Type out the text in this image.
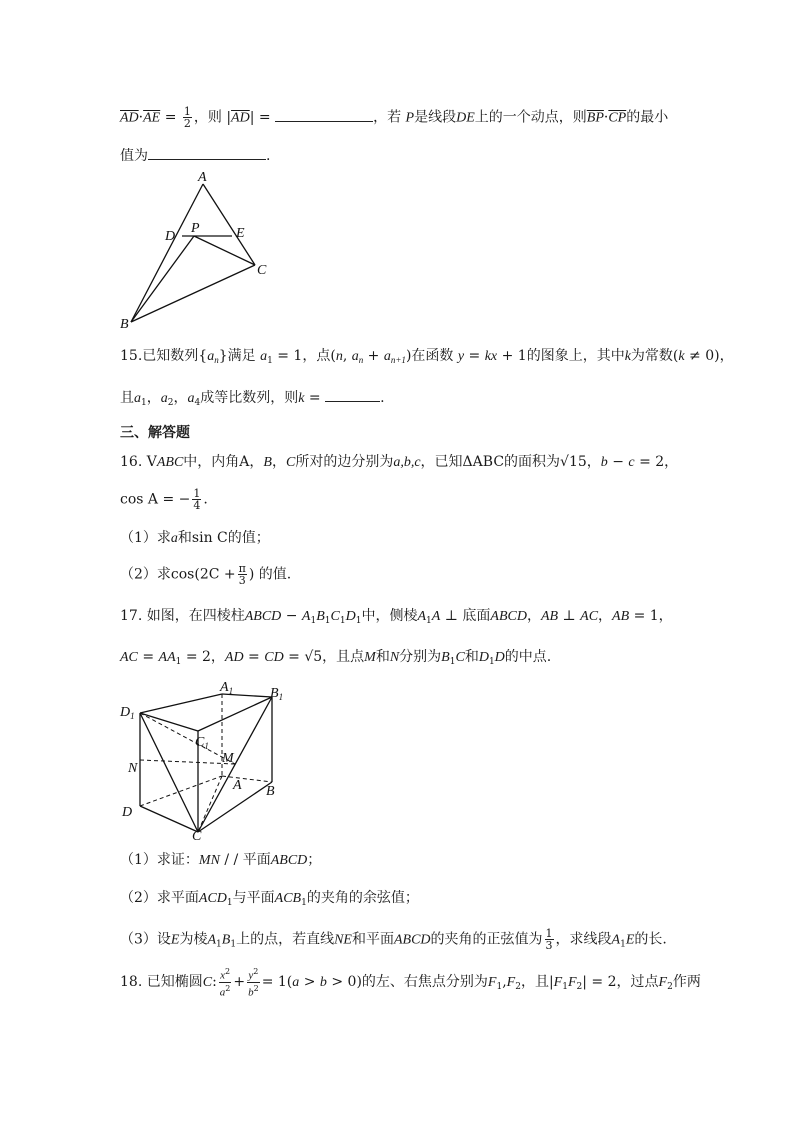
$\overline{AD}\cdot\overline{AE} = \frac{1}{2}$ ，则 $|\overline{AD}|$ =	，若 P是线段DE上的一个动点，则$\overline{BP}\cdot\overline{CP}$的最小
值为	.
A
D
P	E
C
B
15.已知数列$\{a_n\}$满足 $a_1 = 1$，点(n, $a_n + a_{n+1}$)在函数 y = kx + 1的图象上，其中k为常数(k ≠ 0)，
且$a_1$，$a_2$，$a_4$成等比数列，则k =	.
三、解答题
16. VABC中，内角A，B，C所对的边分别为a,b,c，已知ΔABC的面积为√15，b − c = 2，
cos A = − $\frac{1}{4}$ .
（1）求a和sin C的值；
（2）求$\cos(2C + \frac{\pi}{3}$ ) 的值.
17. 如图，在四棱柱ABCD − $A_1B_1C_1D_1$中，侧棱$A_1A$ ⊥ 底面ABCD，AB ⊥ AC，AB = 1，
AC = $AA_1 = 2$，AD = CD = √5，且点M和N分别为$B_1C$和$D_1D$的中点.
$A_1$	$B_1$
$D_1$
$C_1$
M
N
A B
D
C
（1）求证：MN / / 平面ABCD；
（2）求平面$ACD_1$与平面$ACB_1$的夹角的余弦值；
（3）设E为棱$A_1B_1$上的点，若直线NE和平面ABCD的夹角的正弦值为 $\frac{1}{3}$ ，求线段$A_1E$的长.
18. 已知椭圆C: $\frac{x^2}{a^2} + \frac{y^2}{b^2} = 1(a > b > 0)$的左、右焦点分别为$F_1,F_2$，且$|F_1F_2| = 2$，过点$F_2$作两
